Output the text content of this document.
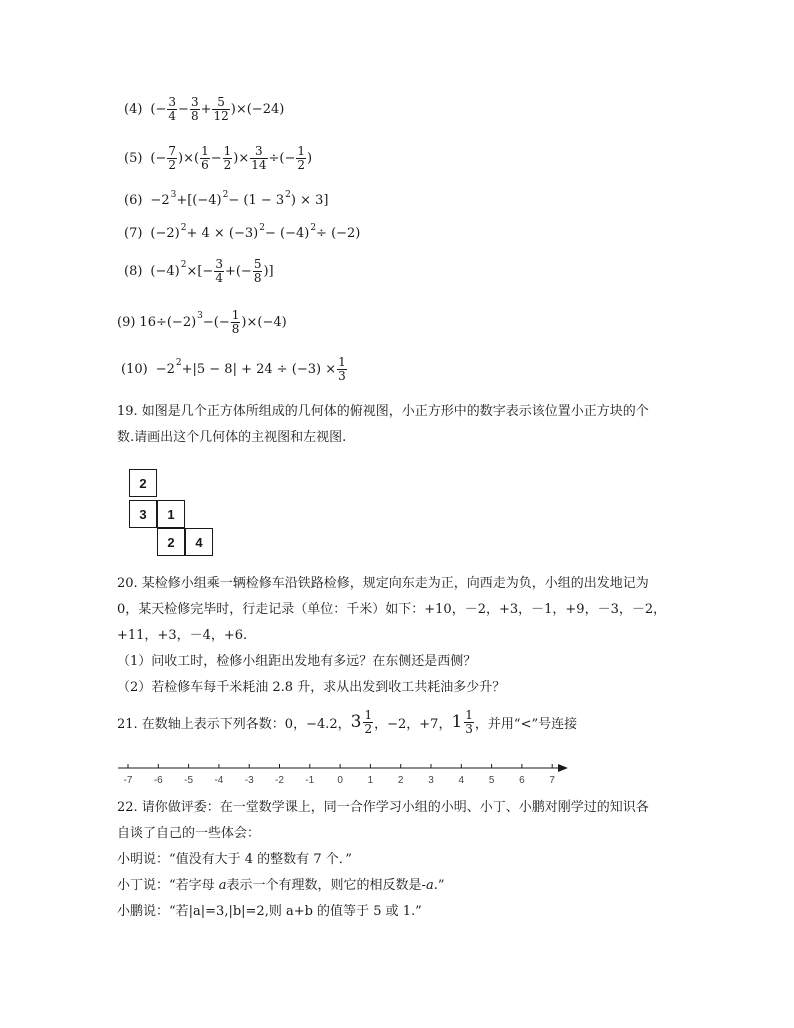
(4) (− $\frac{3}{4} - \frac{3}{8} + \frac{5}{12} )\times(-24)$
(5) (− $\frac{7}{2}$ )×( $\frac{1}{6} - \frac{1}{2}$ )× $\frac{3}{14}$ ÷(− $\frac{1}{2}$ )
(6) −2 3 +[(−4) 2 − (1 − 3 2 ) × 3]
(7) (−2) 2 + 4 × (−3) 2 − (−4) 2 ÷ (−2)
(8) (−4) 2 ×[− $\frac{3}{4}$ +(− $\frac{5}{8}$ )]
(9) 16÷(−2) 3 −(− $\frac{1}{8} )\times(-4)$
(10) −2 $2 +|5 - 8| + 24 \div (-3) \times \frac{1}{3}$
19. 如图是几个正方体所组成的几何体的俯视图，小正方形中的数字表示该位置小正方块的个
数.请画出这个几何体的主视图和左视图.
2
3	1
2	4
20. 某检修小组乘一辆检修车沿铁路检修，规定向东走为正，向西走为负，小组的出发地记为
0，某天检修完毕时，行走记录（单位：千米）如下：+10，－2，+3，－1，+9，－3，－2，
+11，+3，－4，+6.
（1）问收工时，检修小组距出发地有多远？在东侧还是西侧？
（2）若检修车每千米耗油 2.8 升，求从出发到收工共耗油多少升？
21. 在数轴上表示下列各数：0，−4.2， $3 \frac{1}{2}$ ，−2，+7， $1 \frac{1}{3}$ ，并用“<”号连接
-7 -6 -5 -4 -3 -2 -1 0 1 2 3 4 5 6 7
22. 请你做评委：在一堂数学课上，同一合作学习小组的小明、小丁、小鹏对刚学过的知识各
自谈了自己的一些体会：
小明说：“值没有大于 4 的整数有 7 个．”
小丁说：“若字母 a表示一个有理数，则它的相反数是-a.”
小鹏说：“若|a|=3,|b|=2,则 a+b 的值等于 5 或 1.”
